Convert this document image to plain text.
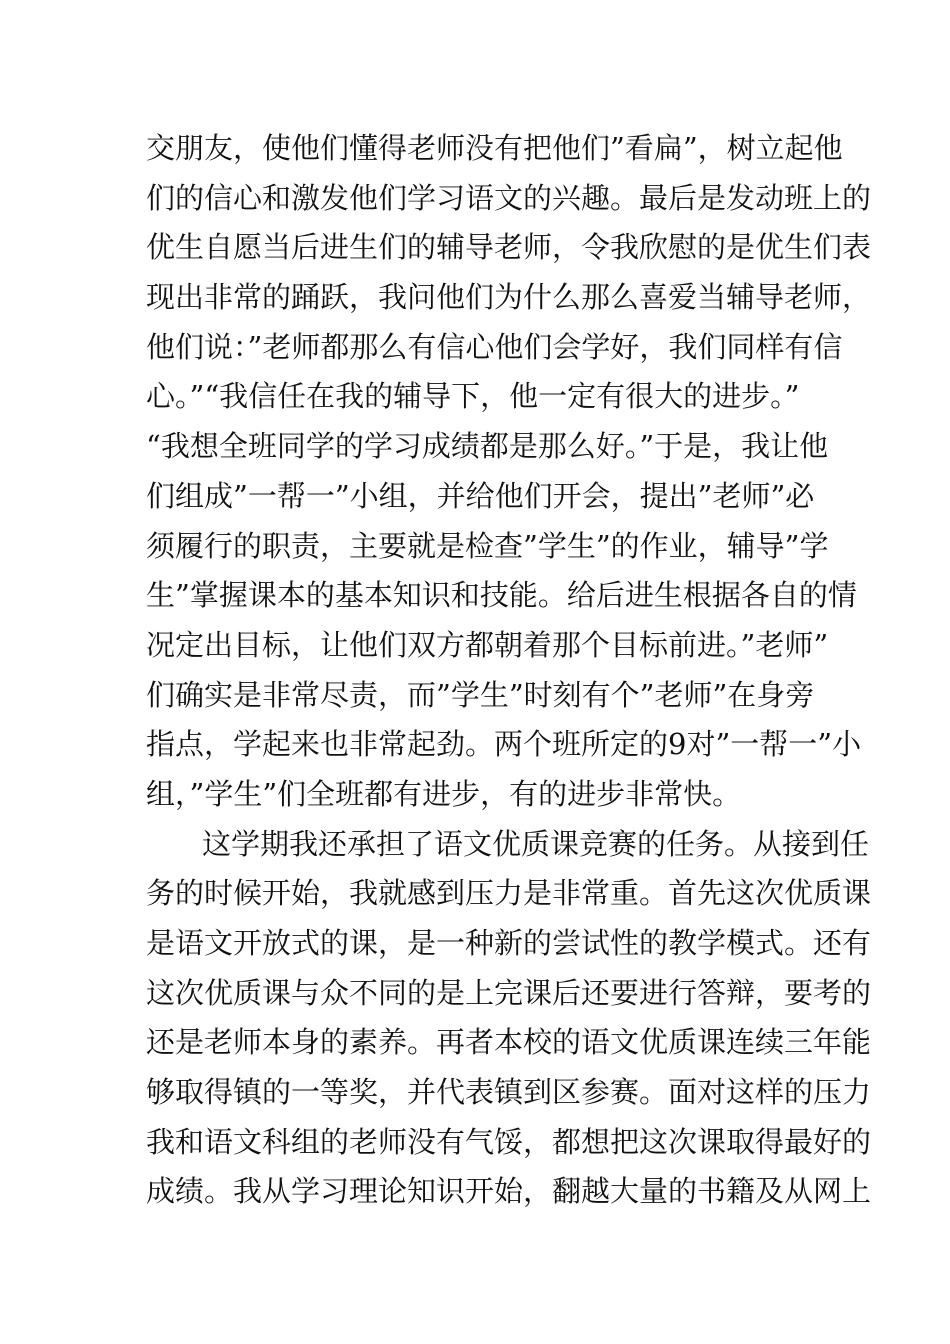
交朋友，使他们懂得老师没有把他们”看扁”，树立起他
们的信心和激发他们学习语文的兴趣。最后是发动班上的
优生自愿当后进生们的辅导老师，令我欣慰的是优生们表
现出非常的踊跃，我问他们为什么那么喜爱当辅导老师，
他们说：”老师都那么有信心他们会学好，我们同样有信
心。”“我信任在我的辅导下，他一定有很大的进步。”
“我想全班同学的学习成绩都是那么好。”于是，我让他
们组成”一帮一”小组，并给他们开会，提出”老师”必
须履行的职责，主要就是检查”学生”的作业，辅导”学
生”掌握课本的基本知识和技能。给后进生根据各自的情
况定出目标，让他们双方都朝着那个目标前进。”老师”
们确实是非常尽责，而”学生”时刻有个”老师”在身旁
指点，学起来也非常起劲。两个班所定的9对”一帮一”小
组，”学生”们全班都有进步，有的进步非常快。
这学期我还承担了语文优质课竞赛的任务。从接到任
务的时候开始，我就感到压力是非常重。首先这次优质课
是语文开放式的课，是一种新的尝试性的教学模式。还有
这次优质课与众不同的是上完课后还要进行答辩，要考的
还是老师本身的素养。再者本校的语文优质课连续三年能
够取得镇的一等奖，并代表镇到区参赛。面对这样的压力
我和语文科组的老师没有气馁，都想把这次课取得最好的
成绩。我从学习理论知识开始，翻越大量的书籍及从网上
